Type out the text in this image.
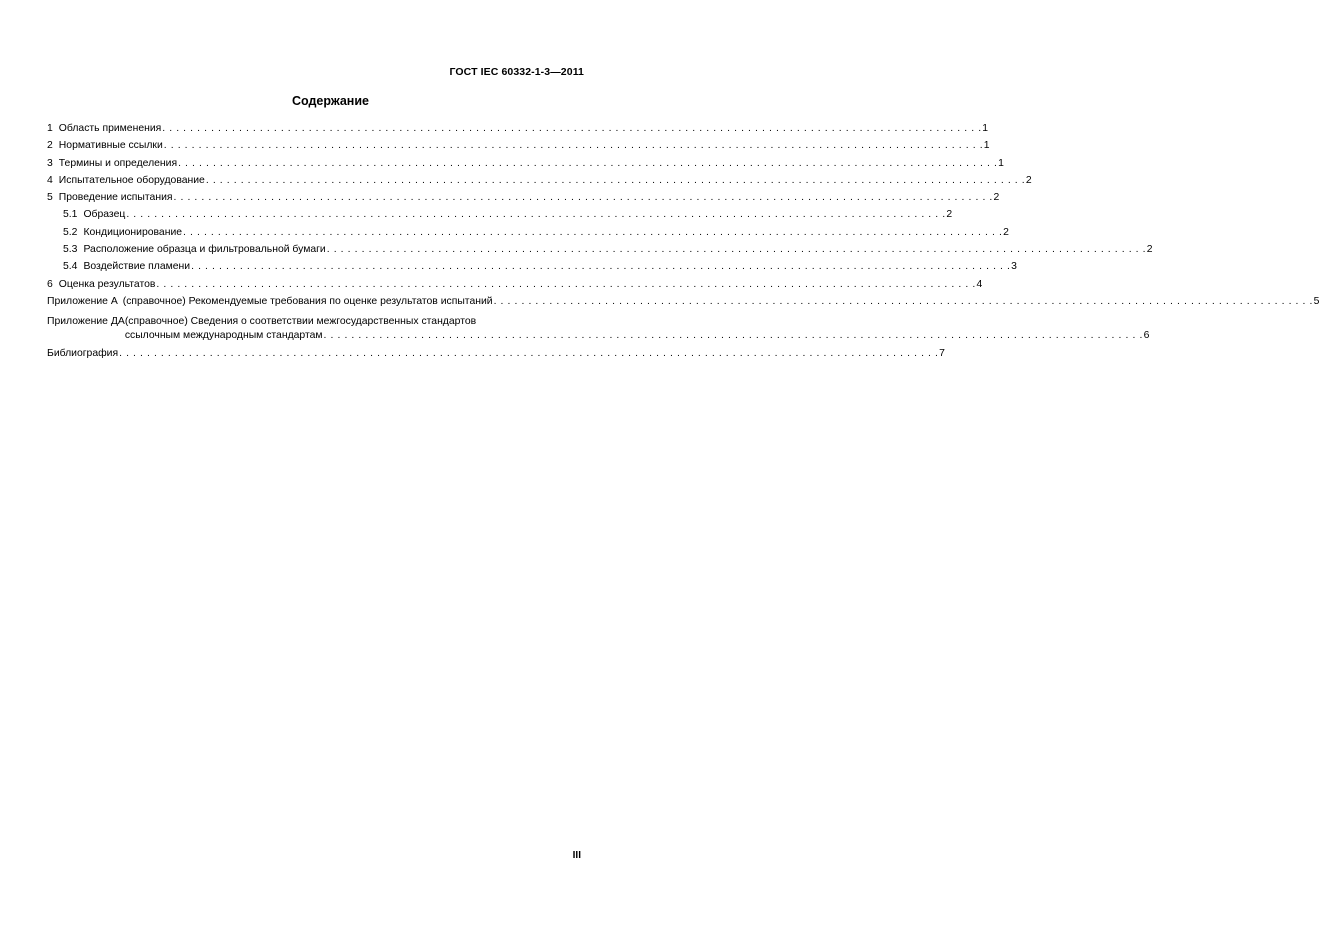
ГОСТ IEC 60332-1-3—2011
Содержание
1 Область применения . . .	1
2 Нормативные ссылки . . .	1
3 Термины и определения . . .	1
4 Испытательное оборудование . . .	2
5 Проведение испытания . . .	2
5.1 Образец . . .	2
5.2 Кондиционирование . . .	2
5.3 Расположение образца и фильтровальной бумаги . . .	2
5.4 Воздействие пламени . . .	3
6 Оценка результатов . . .	4
Приложение А (справочное) Рекомендуемые требования по оценке результатов испытаний . . .	5
Приложение ДА (справочное) Сведения о соответствии межгосударственных стандартов
ссылочным международным стандартам . . .	6
Библиография . . .	7
III
